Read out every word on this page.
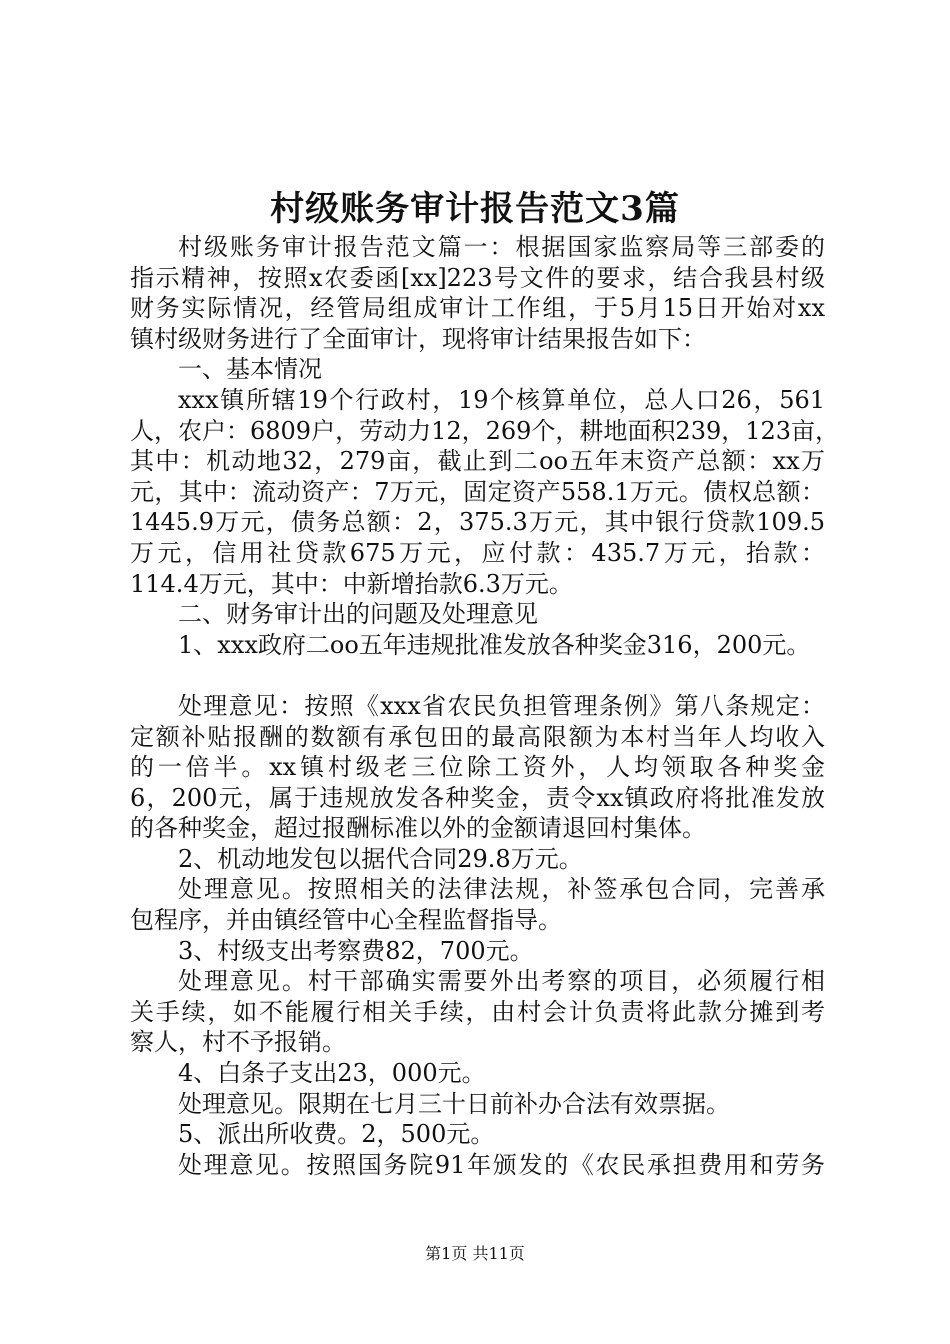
村级账务审计报告范文3篇
村级账务审计报告范文篇一：根据国家监察局等三部委的
指示精神，按照x农委函[xx]223号文件的要求，结合我县村级
财务实际情况，经管局组成审计工作组，于5月15日开始对xx
镇村级财务进行了全面审计，现将审计结果报告如下：
一、基本情况
xxx镇所辖19个行政村，19个核算单位，总人口26，561
人，农户：6809户，劳动力12，269个，耕地面积239，123亩，
其中：机动地32，279亩，截止到二oo五年末资产总额：xx万
元，其中：流动资产：7万元，固定资产558.1万元。债权总额：
1445.9万元，债务总额：2，375.3万元，其中银行贷款109.5
万元，信用社贷款675万元，应付款：435.7万元，抬款：
114.4万元，其中：中新增抬款6.3万元。
二、财务审计出的问题及处理意见
1、xxx政府二oo五年违规批准发放各种奖金316，200元。
处理意见：按照《xxx省农民负担管理条例》第八条规定：
定额补贴报酬的数额有承包田的最高限额为本村当年人均收入
的一倍半。xx镇村级老三位除工资外，人均领取各种奖金
6，200元，属于违规放发各种奖金，责令xx镇政府将批准发放
的各种奖金，超过报酬标准以外的金额请退回村集体。
2、机动地发包以据代合同29.8万元。
处理意见。按照相关的法律法规，补签承包合同，完善承
包程序，并由镇经管中心全程监督指导。
3、村级支出考察费82，700元。
处理意见。村干部确实需要外出考察的项目，必须履行相
关手续，如不能履行相关手续，由村会计负责将此款分摊到考
察人，村不予报销。
4、白条子支出23，000元。
处理意见。限期在七月三十日前补办合法有效票据。
5、派出所收费。2，500元。
处理意见。按照国务院91年颁发的《农民承担费用和劳务
第1页 共11页
